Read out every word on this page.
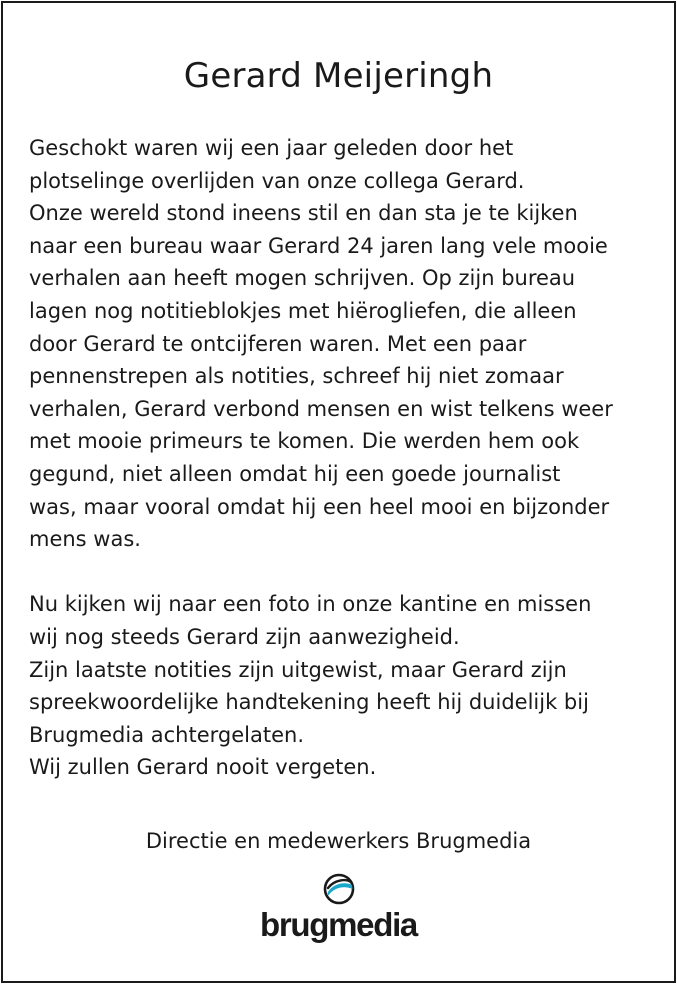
Gerard Meijeringh
Geschokt waren wij een jaar geleden door het
plotselinge overlijden van onze collega Gerard.
Onze wereld stond ineens stil en dan sta je te kijken
naar een bureau waar Gerard 24 jaren lang vele mooie
verhalen aan heeft mogen schrijven. Op zijn bureau
lagen nog notitieblokjes met hiërogliefen, die alleen
door Gerard te ontcijferen waren. Met een paar
pennenstrepen als notities, schreef hij niet zomaar
verhalen, Gerard verbond mensen en wist telkens weer
met mooie primeurs te komen. Die werden hem ook
gegund, niet alleen omdat hij een goede journalist
was, maar vooral omdat hij een heel mooi en bijzonder
mens was.
Nu kijken wij naar een foto in onze kantine en missen
wij nog steeds Gerard zijn aanwezigheid.
Zijn laatste notities zijn uitgewist, maar Gerard zijn
spreekwoordelijke handtekening heeft hij duidelijk bij
Brugmedia achtergelaten.
Wij zullen Gerard nooit vergeten.
Directie en medewerkers Brugmedia
brugmedia
